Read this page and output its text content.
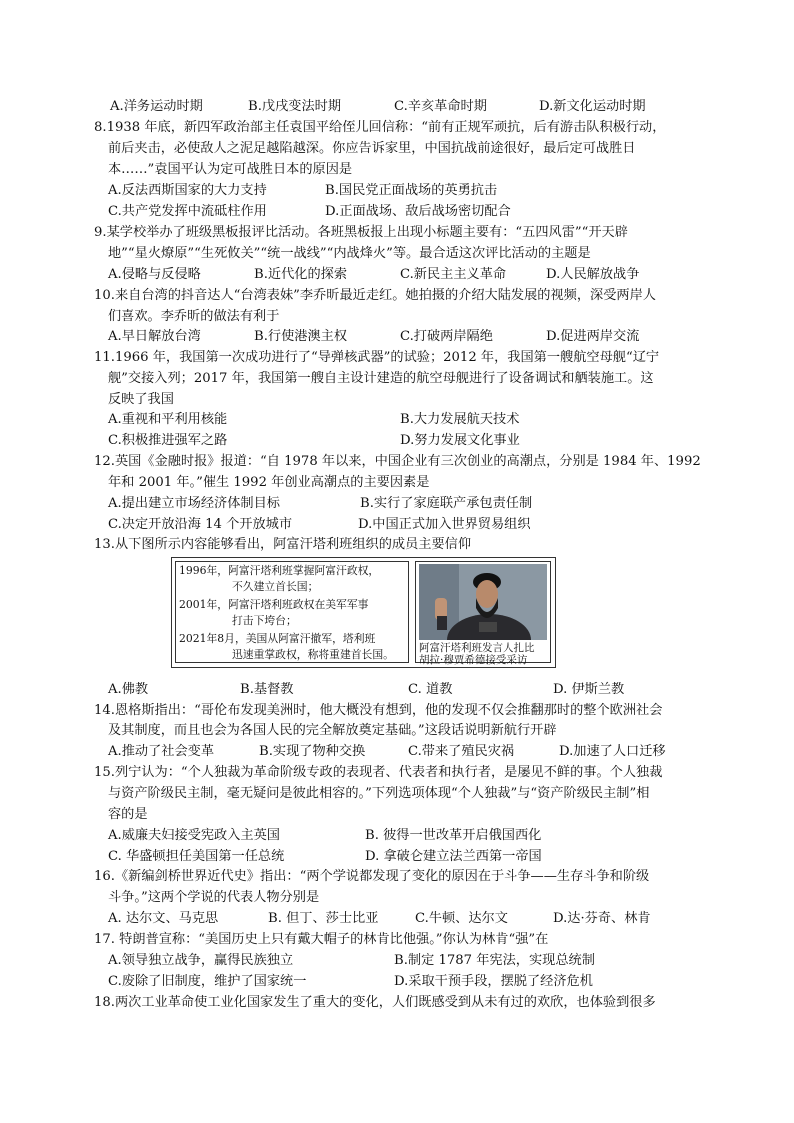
A.洋务运动时期	B.戊戌变法时期	C.辛亥革命时期	D.新文化运动时期
8.1938 年底，新四军政治部主任袁国平给侄儿回信称：“前有正规军顽抗，后有游击队积极行动，
前后夹击，必使敌人之泥足越陷越深。你应告诉家里，中国抗战前途很好，最后定可战胜日
本……”袁国平认为定可战胜日本的原因是
A.反法西斯国家的大力支持	B.国民党正面战场的英勇抗击
C.共产党发挥中流砥柱作用	D.正面战场、敌后战场密切配合
9.某学校举办了班级黑板报评比活动。各班黑板报上出现小标题主要有：“五四风雷”“开天辟
地”“星火燎原”“生死攸关”“统一战线”“内战烽火”等。最合适这次评比活动的主题是
A.侵略与反侵略	B.近代化的探索	C.新民主主义革命	D.人民解放战争
10.来自台湾的抖音达人“台湾表妹”李乔昕最近走红。她拍摄的介绍大陆发展的视频，深受两岸人
们喜欢。李乔昕的做法有利于
A.早日解放台湾	B.行使港澳主权	C.打破两岸隔绝	D.促进两岸交流
11.1966 年，我国第一次成功进行了“导弹核武器”的试验；2012 年，我国第一艘航空母舰“辽宁
舰”交接入列；2017 年，我国第一艘自主设计建造的航空母舰进行了设备调试和舾装施工。这
反映了我国
A.重视和平利用核能	B.大力发展航天技术
C.积极推进强军之路	D.努力发展文化事业
12.英国《金融时报》报道：“自 1978 年以来，中国企业有三次创业的高潮点，分别是 1984 年、1992
年和 2001 年。”催生 1992 年创业高潮点的主要因素是
A.提出建立市场经济体制目标	B.实行了家庭联产承包责任制
C.决定开放沿海 14 个开放城市	D.中国正式加入世界贸易组织
13.从下图所示内容能够看出，阿富汗塔利班组织的成员主要信仰
1996年，阿富汗塔利班掌握阿富汗政权，
不久建立首长国；
2001年，阿富汗塔利班政权在美军军事
打击下垮台；
2021年8月，美国从阿富汗撤军，塔利班
迅速重掌政权，称将重建首长国。 阿富汗塔利班发言人扎比
胡拉·穆贾希德接受采访
A.佛教	B.基督教	C. 道教	D. 伊斯兰教
14.恩格斯指出：“哥伦布发现美洲时，他大概没有想到，他的发现不仅会推翻那时的整个欧洲社会
及其制度，而且也会为各国人民的完全解放奠定基础。”这段话说明新航行开辟
A.推动了社会变革	B.实现了物种交换	C.带来了殖民灾祸	D.加速了人口迁移
15.列宁认为：“个人独裁为革命阶级专政的表现者、代表者和执行者，是屡见不鲜的事。个人独裁
与资产阶级民主制，毫无疑问是彼此相容的。”下列选项体现“个人独裁”与“资产阶级民主制”相
容的是
A.威廉夫妇接受宪政入主英国	B. 彼得一世改革开启俄国西化
C. 华盛顿担任美国第一任总统	D. 拿破仑建立法兰西第一帝国
16.《新编剑桥世界近代史》指出：“两个学说都发现了变化的原因在于斗争——生存斗争和阶级
斗争。”这两个学说的代表人物分别是
A. 达尔文、马克思	B. 但丁、莎士比亚	C.牛顿、达尔文	D.达·芬奇、林肯
17. 特朗普宣称：“美国历史上只有戴大帽子的林肯比他强。”你认为林肯“强”在
A.领导独立战争，赢得民族独立	B.制定 1787 年宪法，实现总统制
C.废除了旧制度，维护了国家统一	D.采取干预手段，摆脱了经济危机
18.两次工业革命使工业化国家发生了重大的变化，人们既感受到从未有过的欢欣，也体验到很多
